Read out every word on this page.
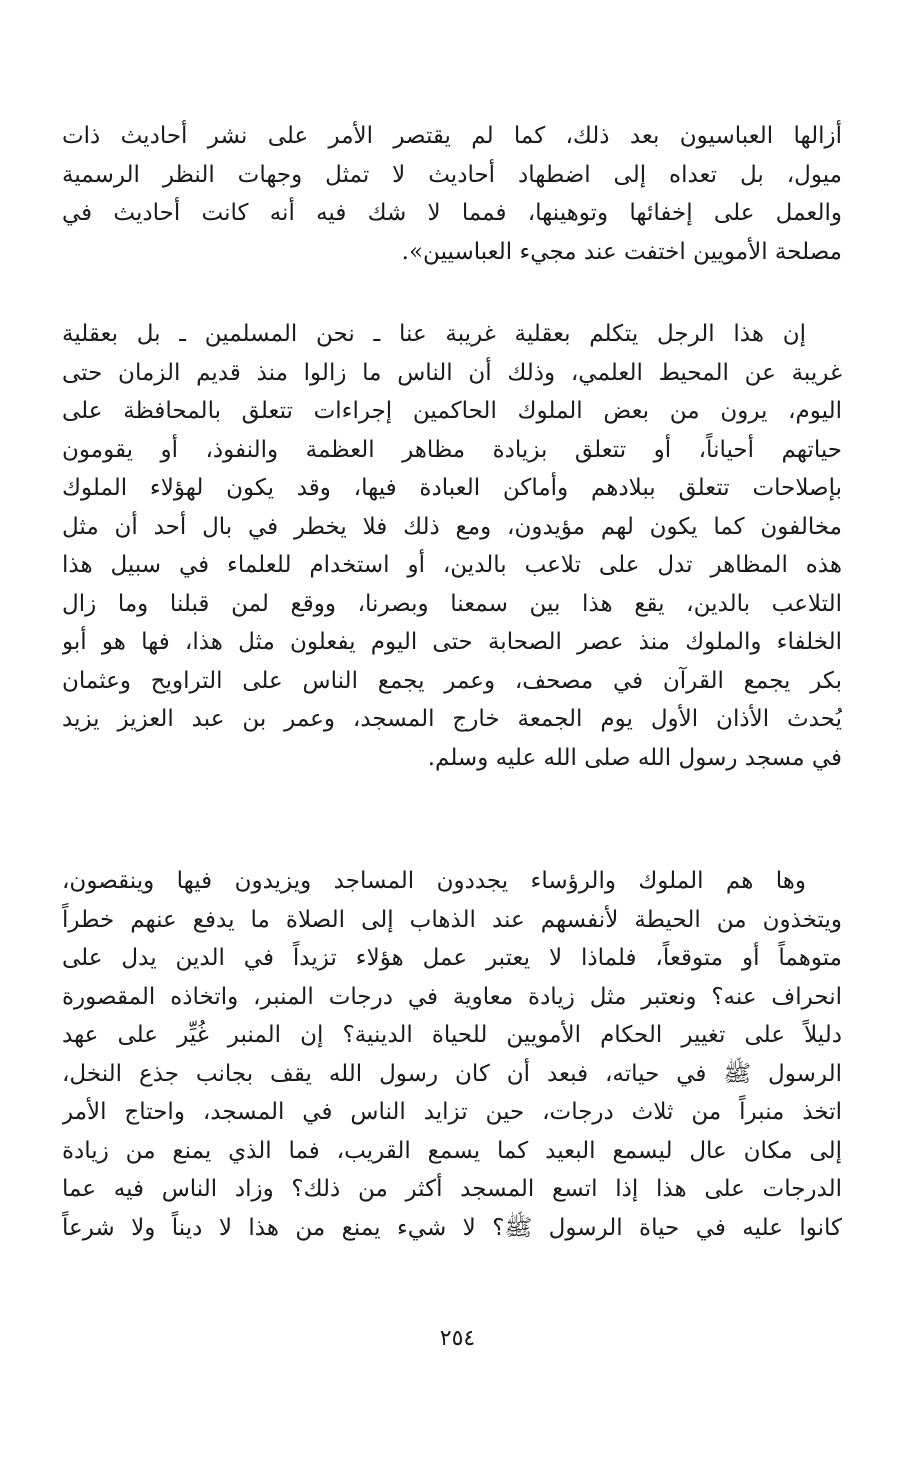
أزالها العباسيون بعد ذلك، كما لم يقتصر الأمر على نشر أحاديث ذات
ميول، بل تعداه إلى اضطهاد أحاديث لا تمثل وجهات النظر الرسمية
والعمل على إخفائها وتوهينها، فمما لا شك فيه أنه كانت أحاديث في
مصلحة الأمويين اختفت عند مجيء العباسيين».
إن هذا الرجل يتكلم بعقلية غريبة عنا ـ نحن المسلمين ـ بل بعقلية
غريبة عن المحيط العلمي، وذلك أن الناس ما زالوا منذ قديم الزمان حتى
اليوم، يرون من بعض الملوك الحاكمين إجراءات تتعلق بالمحافظة على
حياتهم أحياناً، أو تتعلق بزيادة مظاهر العظمة والنفوذ، أو يقومون
بإصلاحات تتعلق ببلادهم وأماكن العبادة فيها، وقد يكون لهؤلاء الملوك
مخالفون كما يكون لهم مؤيدون، ومع ذلك فلا يخطر في بال أحد أن مثل
هذه المظاهر تدل على تلاعب بالدين، أو استخدام للعلماء في سبيل هذا
التلاعب بالدين، يقع هذا بين سمعنا وبصرنا، ووقع لمن قبلنا وما زال
الخلفاء والملوك منذ عصر الصحابة حتى اليوم يفعلون مثل هذا، فها هو أبو
بكر يجمع القرآن في مصحف، وعمر يجمع الناس على التراويح وعثمان
يُحدث الأذان الأول يوم الجمعة خارج المسجد، وعمر بن عبد العزيز يزيد
في مسجد رسول الله صلى الله عليه وسلم.
وها هم الملوك والرؤساء يجددون المساجد ويزيدون فيها وينقصون،
ويتخذون من الحيطة لأنفسهم عند الذهاب إلى الصلاة ما يدفع عنهم خطراً
متوهماً أو متوقعاً، فلماذا لا يعتبر عمل هؤلاء تزيداً في الدين يدل على
انحراف عنه؟ ونعتبر مثل زيادة معاوية في درجات المنبر، واتخاذه المقصورة
دليلاً على تغيير الحكام الأمويين للحياة الدينية؟ إن المنبر غُيِّر على عهد
الرسول ﷺ في حياته، فبعد أن كان رسول الله يقف بجانب جذع النخل،
اتخذ منبراً من ثلاث درجات، حين تزايد الناس في المسجد، واحتاج الأمر
إلى مكان عال ليسمع البعيد كما يسمع القريب، فما الذي يمنع من زيادة
الدرجات على هذا إذا اتسع المسجد أكثر من ذلك؟ وزاد الناس فيه عما
كانوا عليه في حياة الرسول ﷺ؟ لا شيء يمنع من هذا لا ديناً ولا شرعاً
٢٥٤
